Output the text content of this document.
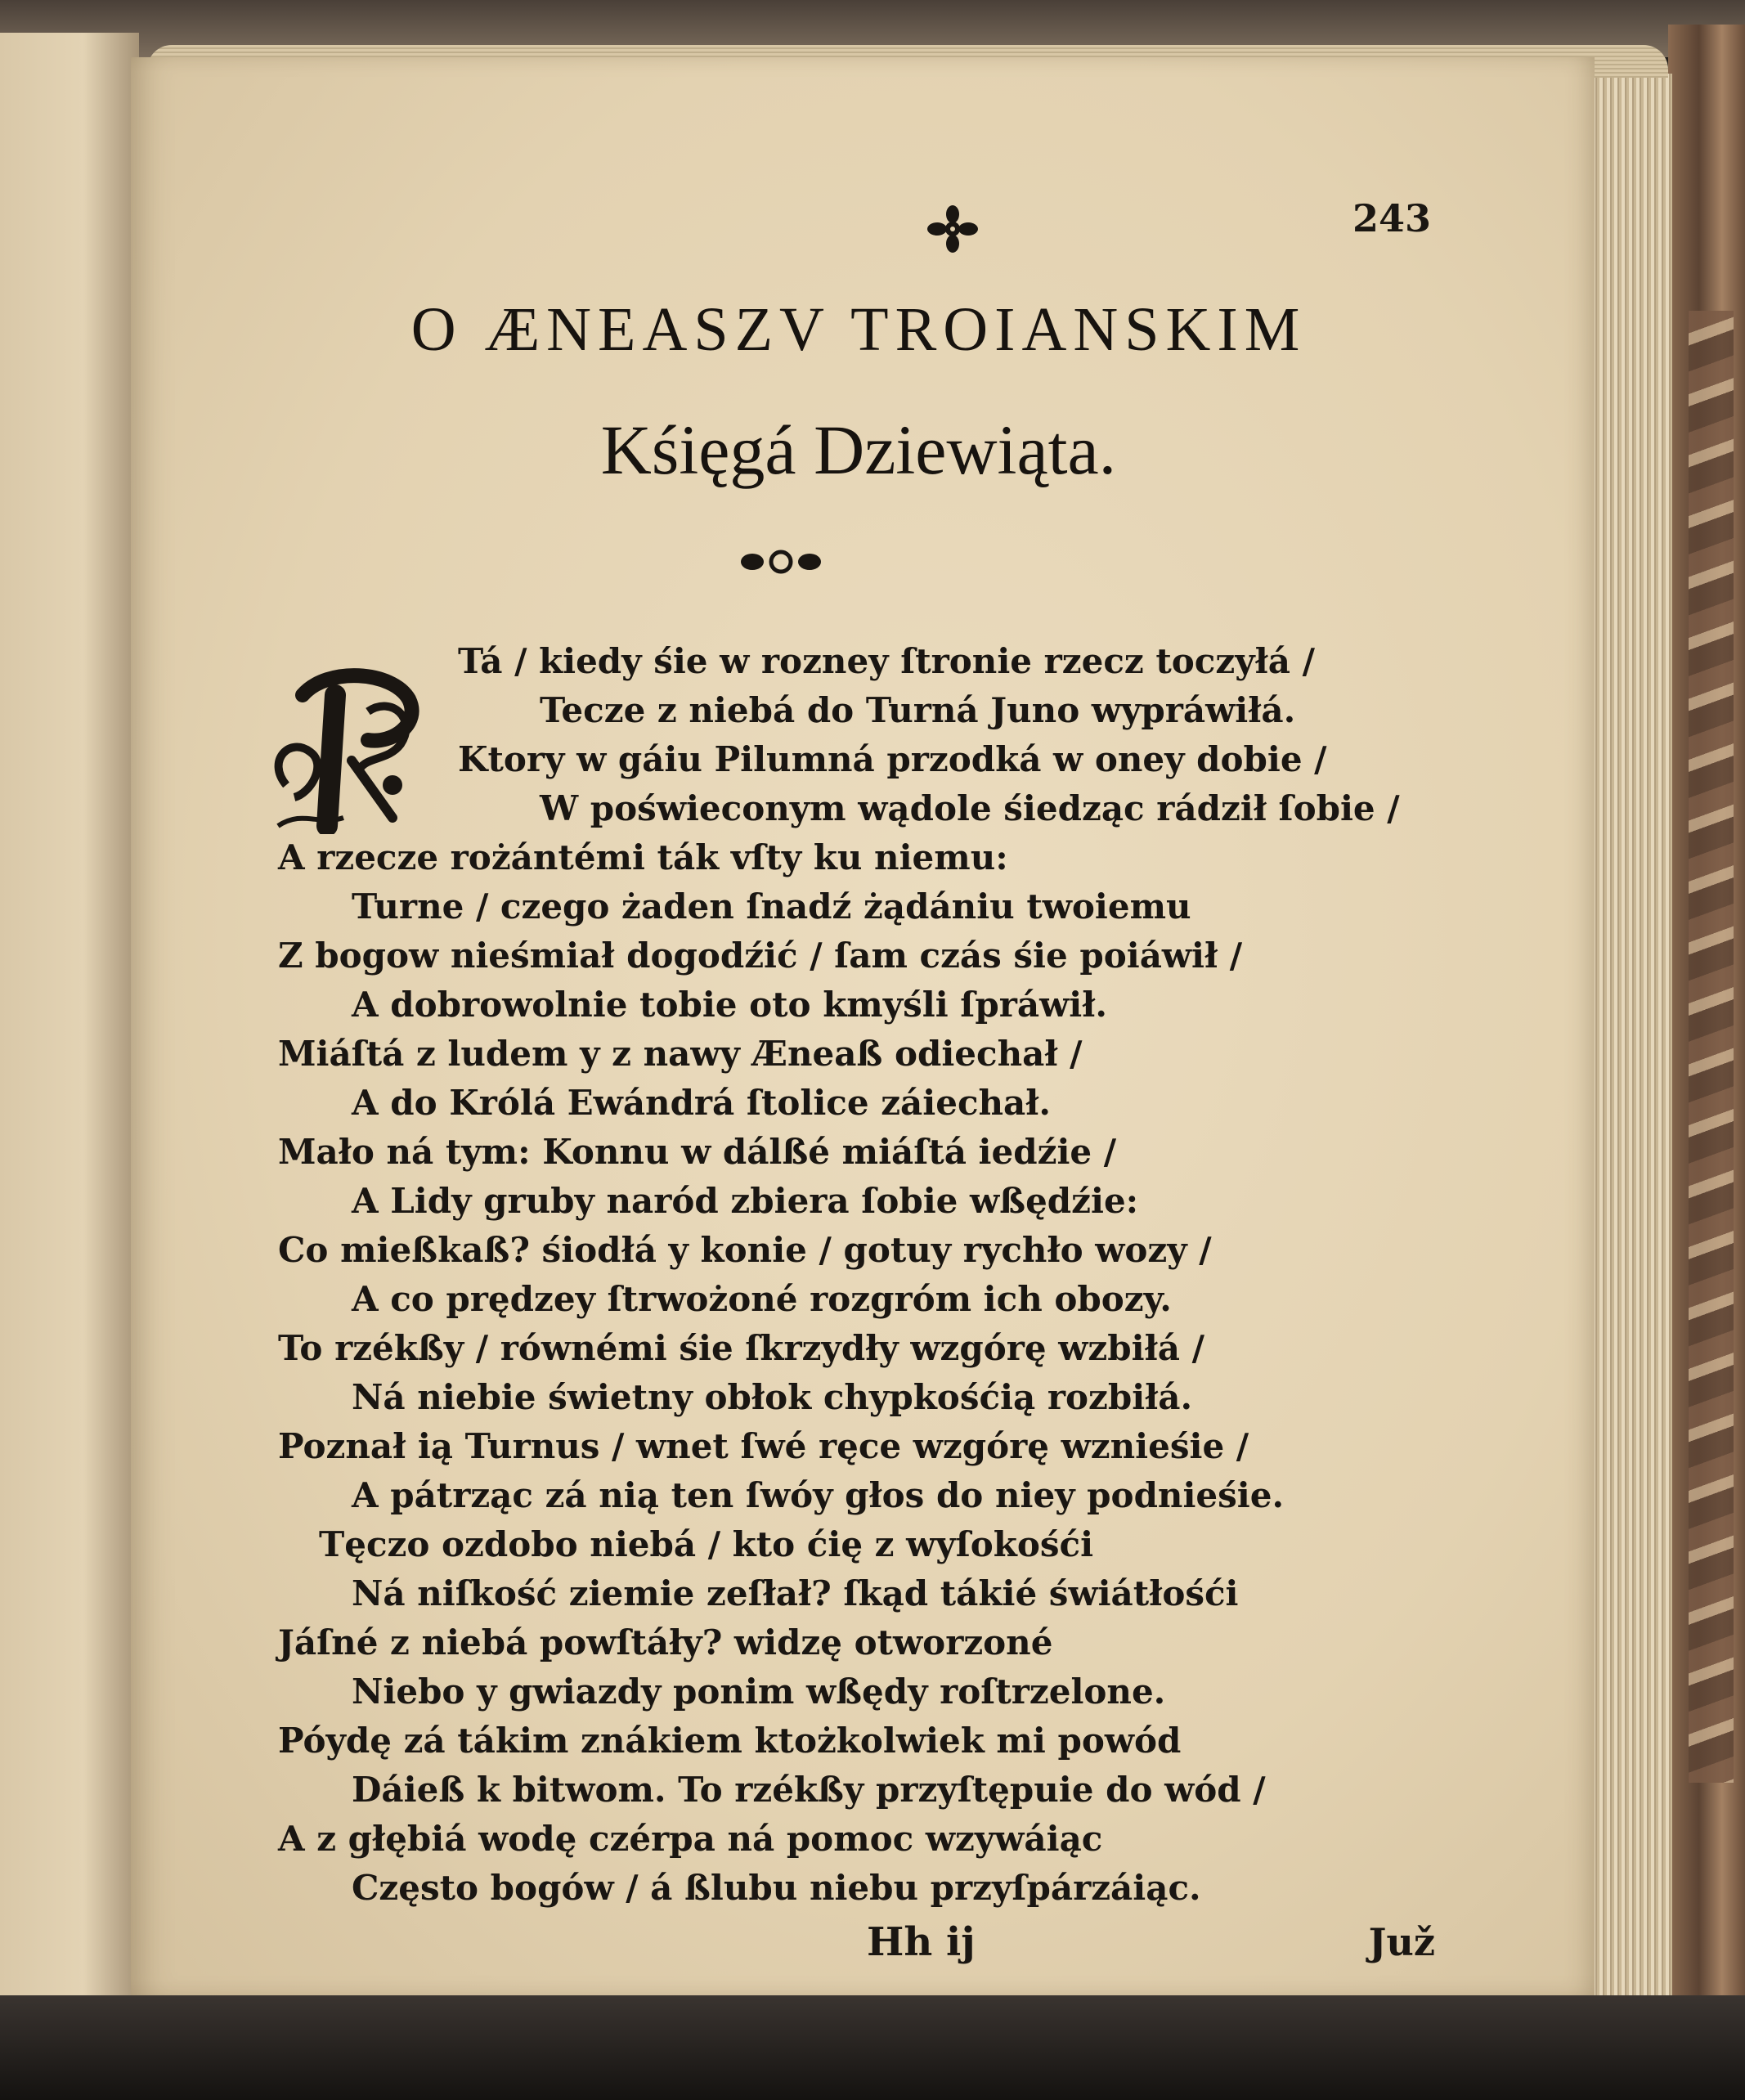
243
O ÆNEASZV TROIANSKIM
Kśięgá Dziewiąta.
Tá / kiedy śie w rozney ſtronie rzecz toczyłá /
Tecze z niebá do Turná Juno wypráwiłá.
Ktory w gáiu Pilumná przodká w oney dobie /
W poświeconym wądole śiedząc rádził ſobie /
A rzecze rożántémi ták vſty ku niemu:
Turne / czego żaden ſnadź żądániu twoiemu
Z bogow nieśmiał dogodźić / ſam czás śie poiáwił /
A dobrowolnie tobie oto kmyśli ſpráwił.
Miáſtá z ludem y z nawy Æneaß odiechał /
A do Królá Ewándrá ſtolice záiechał.
Mało ná tym: Konnu w dálßé miáſtá iedźie /
A Lidy gruby naród zbiera ſobie wßędźie:
Co mießkaß? śiodłá y konie / gotuy rychło wozy /
A co prędzey ſtrwożoné rozgróm ich obozy.
To rzékßy / równémi śie ſkrzydły wzgórę wzbiłá /
Ná niebie świetny obłok chypkośćią rozbiłá.
Poznał ią Turnus / wnet ſwé ręce wzgórę wznieśie /
A pátrząc zá nią ten ſwóy głos do niey podnieśie.
Tęczo ozdobo niebá / kto ćię z wyſokośći
Ná niſkość ziemie zeſłał? ſkąd tákié świátłośći
Jáſné z niebá powſtáły? widzę otworzoné
Niebo y gwiazdy ponim wßędy roſtrzelone.
Póydę zá tákim znákiem ktożkolwiek mi powód
Dáieß k bitwom. To rzékßy przyſtępuie do wód /
A z głębiá wodę czérpa ná pomoc wzywáiąc
Często bogów / á ßlubu niebu przyſpárzáiąc.
Hh ij	Juž
